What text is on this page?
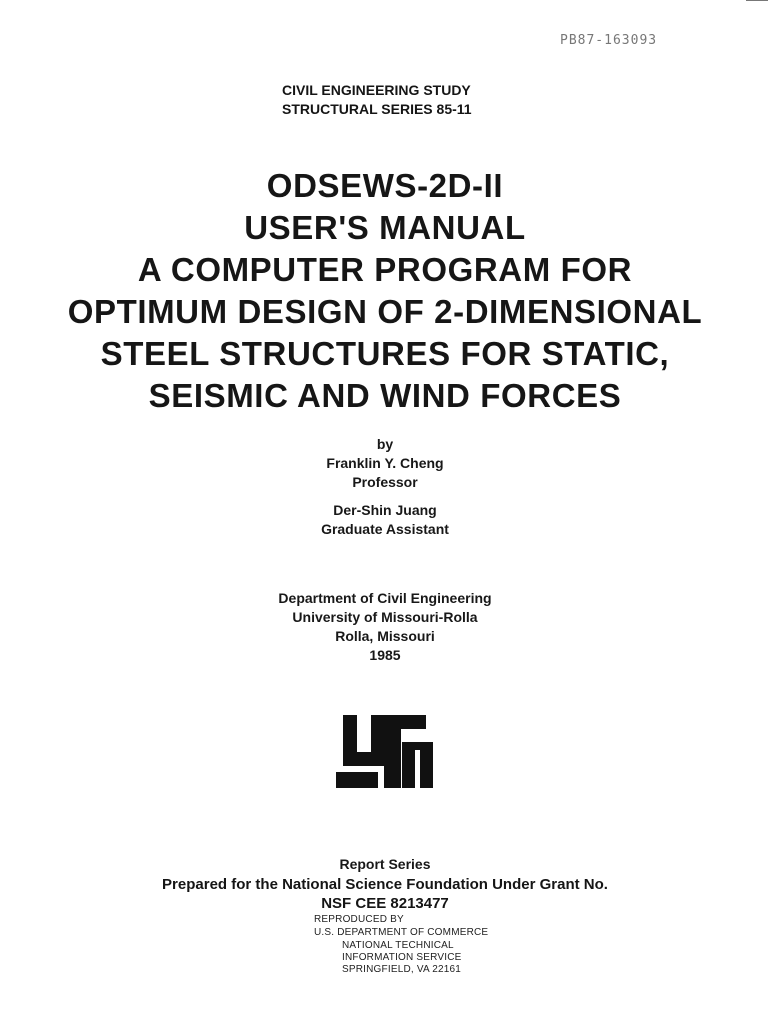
PB87-163093
CIVIL ENGINEERING STUDY
STRUCTURAL SERIES 85-11
ODSEWS-2D-II
USER'S MANUAL
A COMPUTER PROGRAM FOR
OPTIMUM DESIGN OF 2-DIMENSIONAL
STEEL STRUCTURES FOR STATIC,
SEISMIC AND WIND FORCES
by
Franklin Y. Cheng
Professor
Der-Shin Juang
Graduate Assistant
Department of Civil Engineering
University of Missouri-Rolla
Rolla, Missouri
1985
Report Series
Prepared for the National Science Foundation Under Grant No.
NSF CEE 8213477
REPRODUCED BY
U.S. DEPARTMENT OF COMMERCE
NATIONAL TECHNICAL
INFORMATION SERVICE
SPRINGFIELD, VA 22161
